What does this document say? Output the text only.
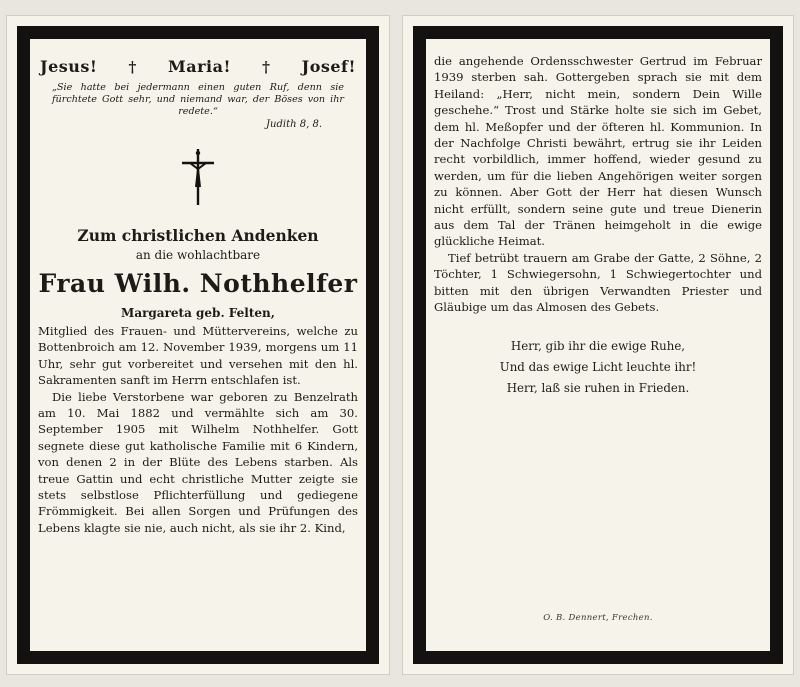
Jesus! † Maria! † Josef!
„Sie hatte bei jedermann einen guten Ruf, denn sie fürchtete Gott sehr, und niemand war, der Böses von ihr redete.“
Judith 8, 8.
Zum christlichen Andenken
an die wohlachtbare
Frau Wilh. Nothhelfer
Margareta geb. Felten,

Mitglied des Frauen- und Müttervereins, welche zu Bottenbroich am 12. November 1939, morgens um 11 Uhr, sehr gut vorbereitet und versehen mit den hl. Sakramenten sanft im Herrn entschlafen ist.

Die liebe Verstorbene war geboren zu Benzelrath am 10. Mai 1882 und vermählte sich am 30. September 1905 mit Wilhelm Nothhelfer. Gott segnete diese gut katholische Familie mit 6 Kindern, von denen 2 in der Blüte des Lebens starben. Als treue Gattin und echt christliche Mutter zeigte sie stets selbstlose Pflichterfüllung und gediegene Frömmigkeit. Bei allen Sorgen und Prüfungen des Lebens klagte sie nie, auch nicht, als sie ihr 2. Kind,

die angehende Ordensschwester Gertrud im Februar 1939 sterben sah. Gottergeben sprach sie mit dem Heiland: „Herr, nicht mein, sondern Dein Wille geschehe.“ Trost und Stärke holte sie sich im Gebet, dem hl. Meßopfer und der öfteren hl. Kommunion. In der Nachfolge Christi bewährt, ertrug sie ihr Leiden recht vorbildlich, immer hoffend, wieder gesund zu werden, um für die lieben Angehörigen weiter sorgen zu können. Aber Gott der Herr hat diesen Wunsch nicht erfüllt, sondern seine gute und treue Dienerin aus dem Tal der Tränen heimgeholt in die ewige glückliche Heimat.

Tief betrübt trauern am Grabe der Gatte, 2 Söhne, 2 Töchter, 1 Schwiegersohn, 1 Schwiegertochter und bitten mit den übrigen Verwandten Priester und Gläubige um das Almosen des Gebets.

Herr, gib ihr die ewige Ruhe,
Und das ewige Licht leuchte ihr!
Herr, laß sie ruhen in Frieden.
O. B. Dennert, Frechen.
